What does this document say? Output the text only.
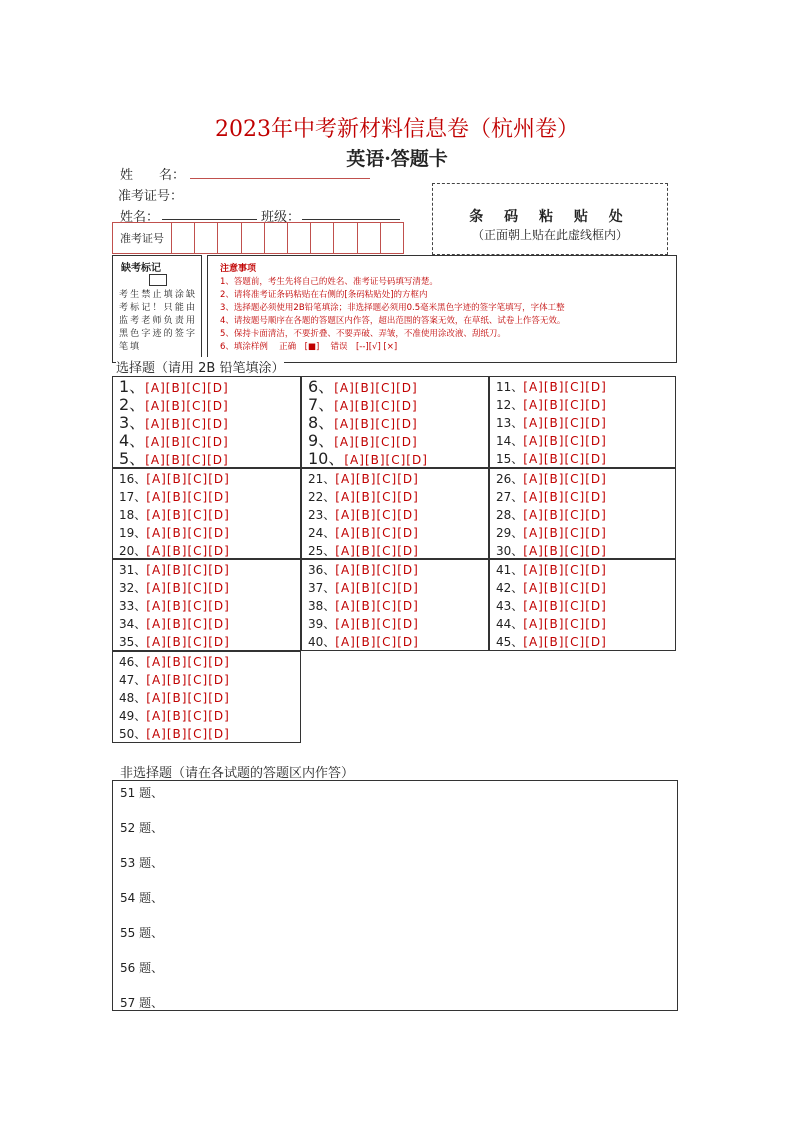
2023年中考新材料信息卷（杭州卷）
英语·答题卡
姓　　名：
准考证号：
姓名：	班级：	条 码 粘 贴 处
（正面朝上贴在此虚线框内）
准考证号
缺考标记
考生禁止填涂缺考标记！只能由监考老师负责用黑色字迹的签字笔填
注意事项
1、答题前，考生先将自己的姓名、准考证号码填写清楚。
2、请将准考证条码粘贴在右侧的[条码粘贴处]的方框内
3、选择题必须使用2B铅笔填涂；非选择题必须用0.5毫米黑色字迹的签字笔填写，字体工整
4、请按题号顺序在各题的答题区内作答，超出范围的答案无效，在草纸、试卷上作答无效。
5、保持卡面清洁，不要折叠、不要弄破、弄皱，不准使用涂改液、刮纸刀。
6、填涂样例　 正确　[■]　 错误　[--][√] [×]
选择题（请用 2B 铅笔填涂）
1、[A][B][C][D]
2、[A][B][C][D]
3、[A][B][C][D]
4、[A][B][C][D]
5、[A][B][C][D]
6、[A][B][C][D]
7、[A][B][C][D]
8、[A][B][C][D]
9、[A][B][C][D]
10、[A][B][C][D]
11、[A][B][C][D]
12、[A][B][C][D]
13、[A][B][C][D]
14、[A][B][C][D]
15、[A][B][C][D]
16、[A][B][C][D]
17、[A][B][C][D]
18、[A][B][C][D]
19、[A][B][C][D]
20、[A][B][C][D]
21、[A][B][C][D]
22、[A][B][C][D]
23、[A][B][C][D]
24、[A][B][C][D]
25、[A][B][C][D]
26、[A][B][C][D]
27、[A][B][C][D]
28、[A][B][C][D]
29、[A][B][C][D]
30、[A][B][C][D]
31、[A][B][C][D]
32、[A][B][C][D]
33、[A][B][C][D]
34、[A][B][C][D]
35、[A][B][C][D]
36、[A][B][C][D]
37、[A][B][C][D]
38、[A][B][C][D]
39、[A][B][C][D]
40、[A][B][C][D]
41、[A][B][C][D]
42、[A][B][C][D]
43、[A][B][C][D]
44、[A][B][C][D]
45、[A][B][C][D]
46、[A][B][C][D]
47、[A][B][C][D]
48、[A][B][C][D]
49、[A][B][C][D]
50、[A][B][C][D]
非选择题（请在各试题的答题区内作答）
51 题、
52 题、
53 题、
54 题、
55 题、
56 题、
57 题、
